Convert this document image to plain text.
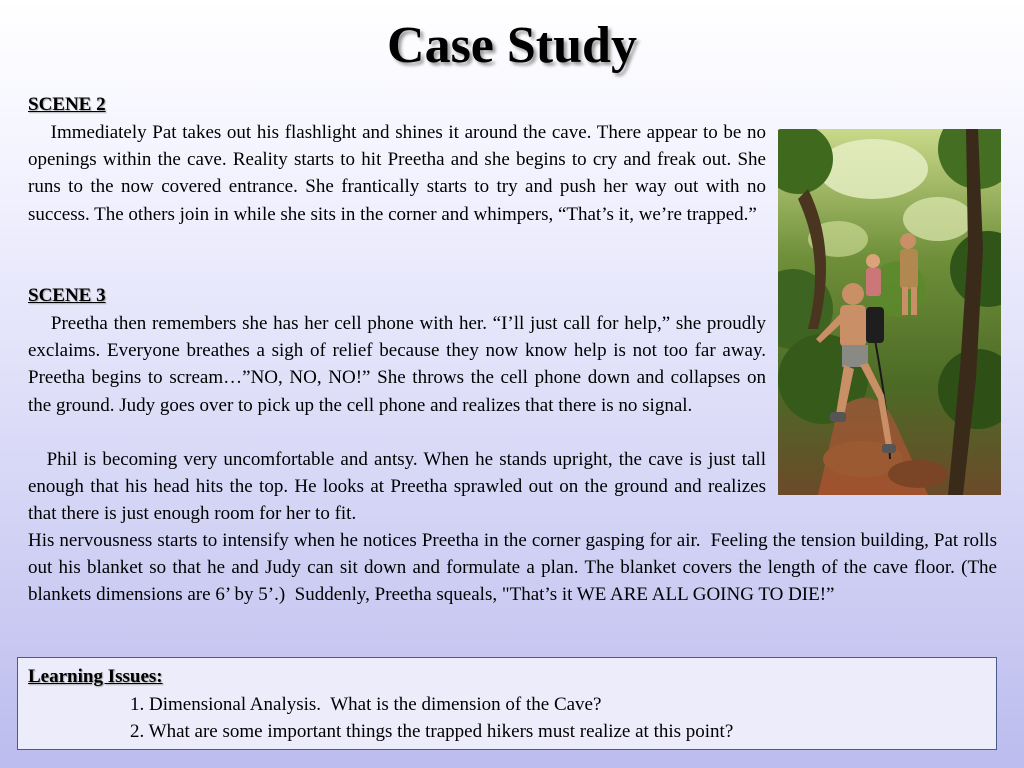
Case Study
SCENE 2

Immediately Pat takes out his flashlight and shines it around the cave. There appear to be no openings within the cave. Reality starts to hit Preetha and she begins to cry and freak out. She runs to the now covered entrance. She frantically starts to try and push her way out with no success. The others join in while she sits in the corner and whimpers, “That’s it, we’re trapped.”

SCENE 3

Preetha then remembers she has her cell phone with her. “I’ll just call for help,” she proudly exclaims. Everyone breathes a sigh of relief because they now know help is not too far away. Preetha begins to scream…”NO, NO, NO!” She throws the cell phone down and collapses on the ground. Judy goes over to pick up the cell phone and realizes that there is no signal.

Phil is becoming very uncomfortable and antsy. When he stands upright, the cave is just tall enough that his head hits the top. He looks at Preetha sprawled out on the ground and realizes that there is just enough room for her to fit.

His nervousness starts to intensify when he notices Preetha in the corner gasping for air.  Feeling the tension building, Pat rolls out his blanket so that he and Judy can sit down and formulate a plan. The blanket covers the length of the cave floor. (The blankets dimensions are 6’ by 5’.)  Suddenly, Preetha squeals, "That’s it WE ARE ALL GOING TO DIE!”

Learning Issues:
1. Dimensional Analysis.  What is the dimension of the Cave?
2. What are some important things the trapped hikers must realize at this point?
